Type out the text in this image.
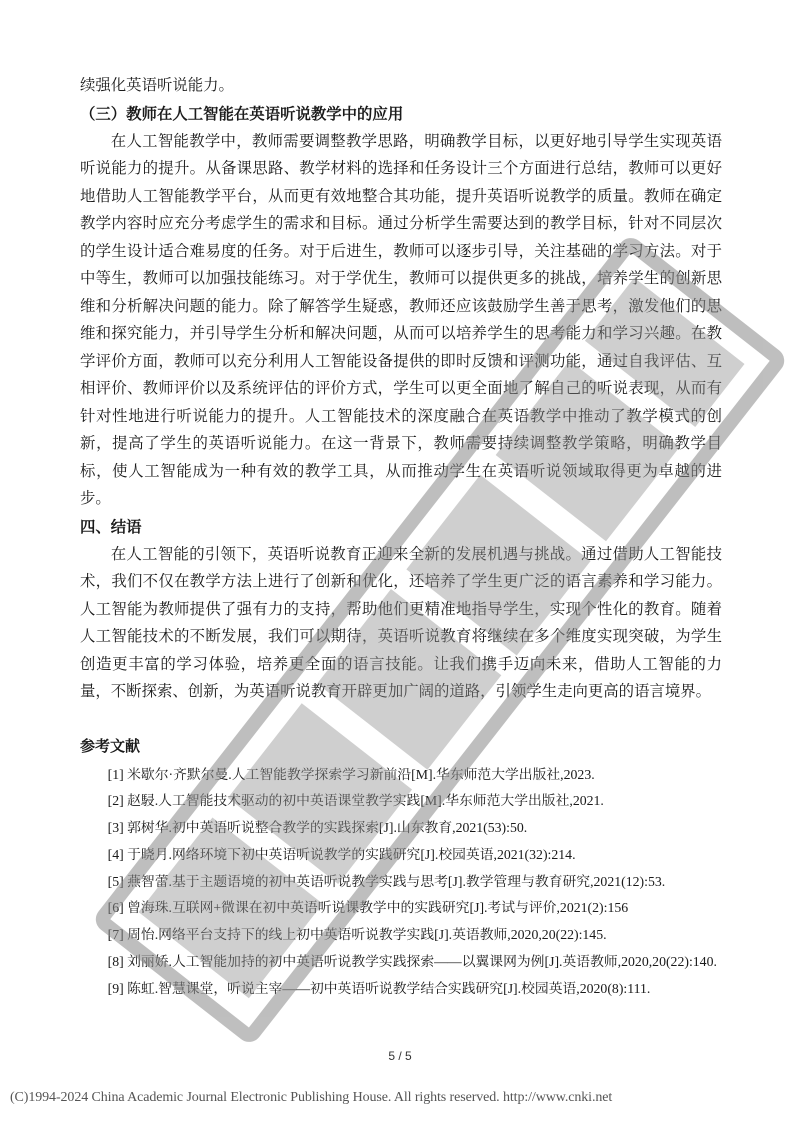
续强化英语听说能力。

（三）教师在人工智能在英语听说教学中的应用

在人工智能教学中，教师需要调整教学思路，明确教学目标，以更好地引导学生实现英语听说能力的提升。从备课思路、教学材料的选择和任务设计三个方面进行总结，教师可以更好地借助人工智能教学平台，从而更有效地整合其功能，提升英语听说教学的质量。教师在确定教学内容时应充分考虑学生的需求和目标。通过分析学生需要达到的教学目标，针对不同层次的学生设计适合难易度的任务。对于后进生，教师可以逐步引导，关注基础的学习方法。对于中等生，教师可以加强技能练习。对于学优生，教师可以提供更多的挑战，培养学生的创新思维和分析解决问题的能力。除了解答学生疑惑，教师还应该鼓励学生善于思考，激发他们的思维和探究能力，并引导学生分析和解决问题，从而可以培养学生的思考能力和学习兴趣。在教学评价方面，教师可以充分利用人工智能设备提供的即时反馈和评测功能，通过自我评估、互相评价、教师评价以及系统评估的评价方式，学生可以更全面地了解自己的听说表现，从而有针对性地进行听说能力的提升。人工智能技术的深度融合在英语教学中推动了教学模式的创新，提高了学生的英语听说能力。在这一背景下，教师需要持续调整教学策略，明确教学目标，使人工智能成为一种有效的教学工具，从而推动学生在英语听说领域取得更为卓越的进步。

四、结语

在人工智能的引领下，英语听说教育正迎来全新的发展机遇与挑战。通过借助人工智能技术，我们不仅在教学方法上进行了创新和优化，还培养了学生更广泛的语言素养和学习能力。人工智能为教师提供了强有力的支持，帮助他们更精准地指导学生，实现个性化的教育。随着人工智能技术的不断发展，我们可以期待，英语听说教育将继续在多个维度实现突破，为学生创造更丰富的学习体验，培养更全面的语言技能。让我们携手迈向未来，借助人工智能的力量，不断探索、创新，为英语听说教育开辟更加广阔的道路，引领学生走向更高的语言境界。

参考文献

[1] 米歇尔·齐默尔曼.人工智能教学探索学习新前沿[M].华东师范大学出版社,2023.

[2] 赵駸.人工智能技术驱动的初中英语课堂教学实践[M].华东师范大学出版社,2021.

[3] 郭树华.初中英语听说整合教学的实践探索[J].山东教育,2021(53):50.

[4] 于晓月.网络环境下初中英语听说教学的实践研究[J].校园英语,2021(32):214.

[5] 燕智蕾.基于主题语境的初中英语听说教学实践与思考[J].教学管理与教育研究,2021(12):53.

[6] 曾海珠.互联网+微课在初中英语听说课教学中的实践研究[J].考试与评价,2021(2):156

[7] 周怡.网络平台支持下的线上初中英语听说教学实践[J].英语教师,2020,20(22):145.

[8] 刘丽娇.人工智能加持的初中英语听说教学实践探索——以翼课网为例[J].英语教师,2020,20(22):140.

[9] 陈虹.智慧课堂，听说主宰——初中英语听说教学结合实践研究[J].校园英语,2020(8):111.

5 / 5
(C)1994-2024 China Academic Journal Electronic Publishing House. All rights reserved. http://www.cnki.net
